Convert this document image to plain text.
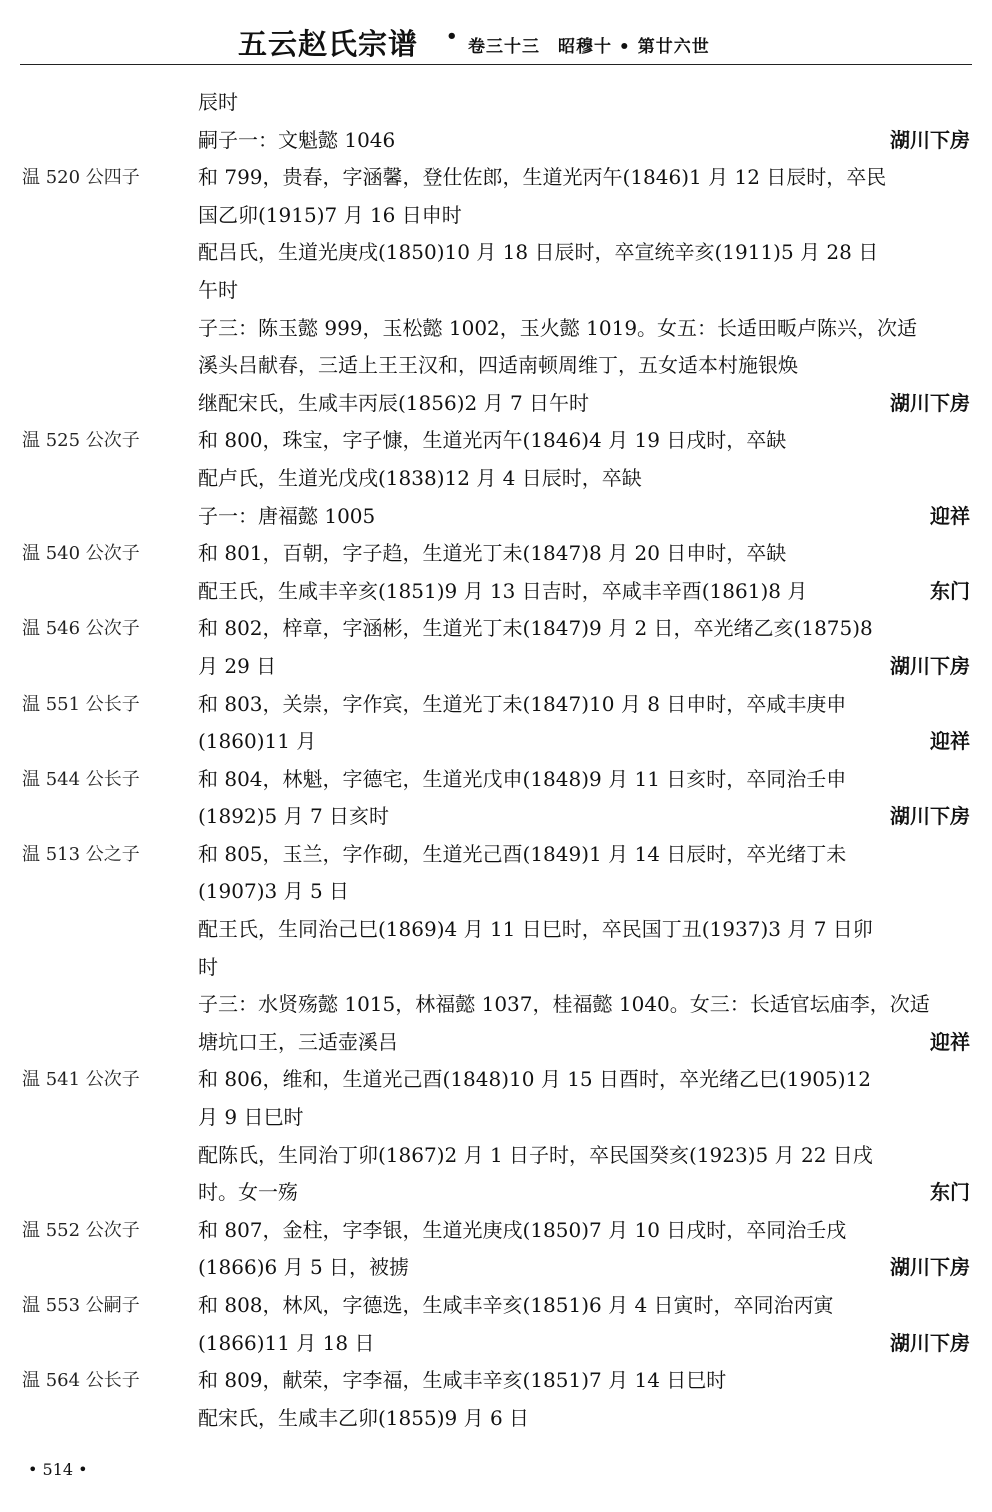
五云赵氏宗谱 • 卷三十三　昭穆十 • 第廿六世
辰时
嗣子一：文魁懿 1046	湖川下房
温 520 公四子	和 799，贵春，字涵馨，登仕佐郎，生道光丙午(1846)1 月 12 日辰时，卒民
国乙卯(1915)7 月 16 日申时
配吕氏，生道光庚戌(1850)10 月 18 日辰时，卒宣统辛亥(1911)5 月 28 日
午时
子三：陈玉懿 999，玉松懿 1002，玉火懿 1019。女五：长适田畈卢陈兴，次适
溪头吕献春，三适上王王汉和，四适南顿周维丁，五女适本村施银焕
继配宋氏，生咸丰丙辰(1856)2 月 7 日午时	湖川下房
温 525 公次子	和 800，珠宝，字子慷，生道光丙午(1846)4 月 19 日戌时，卒缺
配卢氏，生道光戊戌(1838)12 月 4 日辰时，卒缺
子一：唐福懿 1005	迎祥
温 540 公次子	和 801，百朝，字子趋，生道光丁未(1847)8 月 20 日申时，卒缺
配王氏，生咸丰辛亥(1851)9 月 13 日吉时，卒咸丰辛酉(1861)8 月	东门
温 546 公次子	和 802，梓章，字涵彬，生道光丁未(1847)9 月 2 日，卒光绪乙亥(1875)8
月 29 日	湖川下房
温 551 公长子	和 803，关崇，字作宾，生道光丁未(1847)10 月 8 日申时，卒咸丰庚申
(1860)11 月	迎祥
温 544 公长子	和 804，林魁，字德宅，生道光戊申(1848)9 月 11 日亥时，卒同治壬申
(1892)5 月 7 日亥时	湖川下房
温 513 公之子	和 805，玉兰，字作砌，生道光己酉(1849)1 月 14 日辰时，卒光绪丁未
(1907)3 月 5 日
配王氏，生同治己巳(1869)4 月 11 日巳时，卒民国丁丑(1937)3 月 7 日卯
时
子三：水贤殇懿 1015，林福懿 1037，桂福懿 1040。女三：长适官坛庙李，次适
塘坑口王，三适壶溪吕	迎祥
温 541 公次子	和 806，维和，生道光己酉(1848)10 月 15 日酉时，卒光绪乙巳(1905)12
月 9 日巳时
配陈氏，生同治丁卯(1867)2 月 1 日子时，卒民国癸亥(1923)5 月 22 日戌
时。女一殇	东门
温 552 公次子	和 807，金柱，字李银，生道光庚戌(1850)7 月 10 日戌时，卒同治壬戌
(1866)6 月 5 日，被掳	湖川下房
温 553 公嗣子	和 808，林风，字德选，生咸丰辛亥(1851)6 月 4 日寅时，卒同治丙寅
(1866)11 月 18 日	湖川下房
温 564 公长子	和 809，献荣，字李福，生咸丰辛亥(1851)7 月 14 日巳时
配宋氏，生咸丰乙卯(1855)9 月 6 日
• 514 •
